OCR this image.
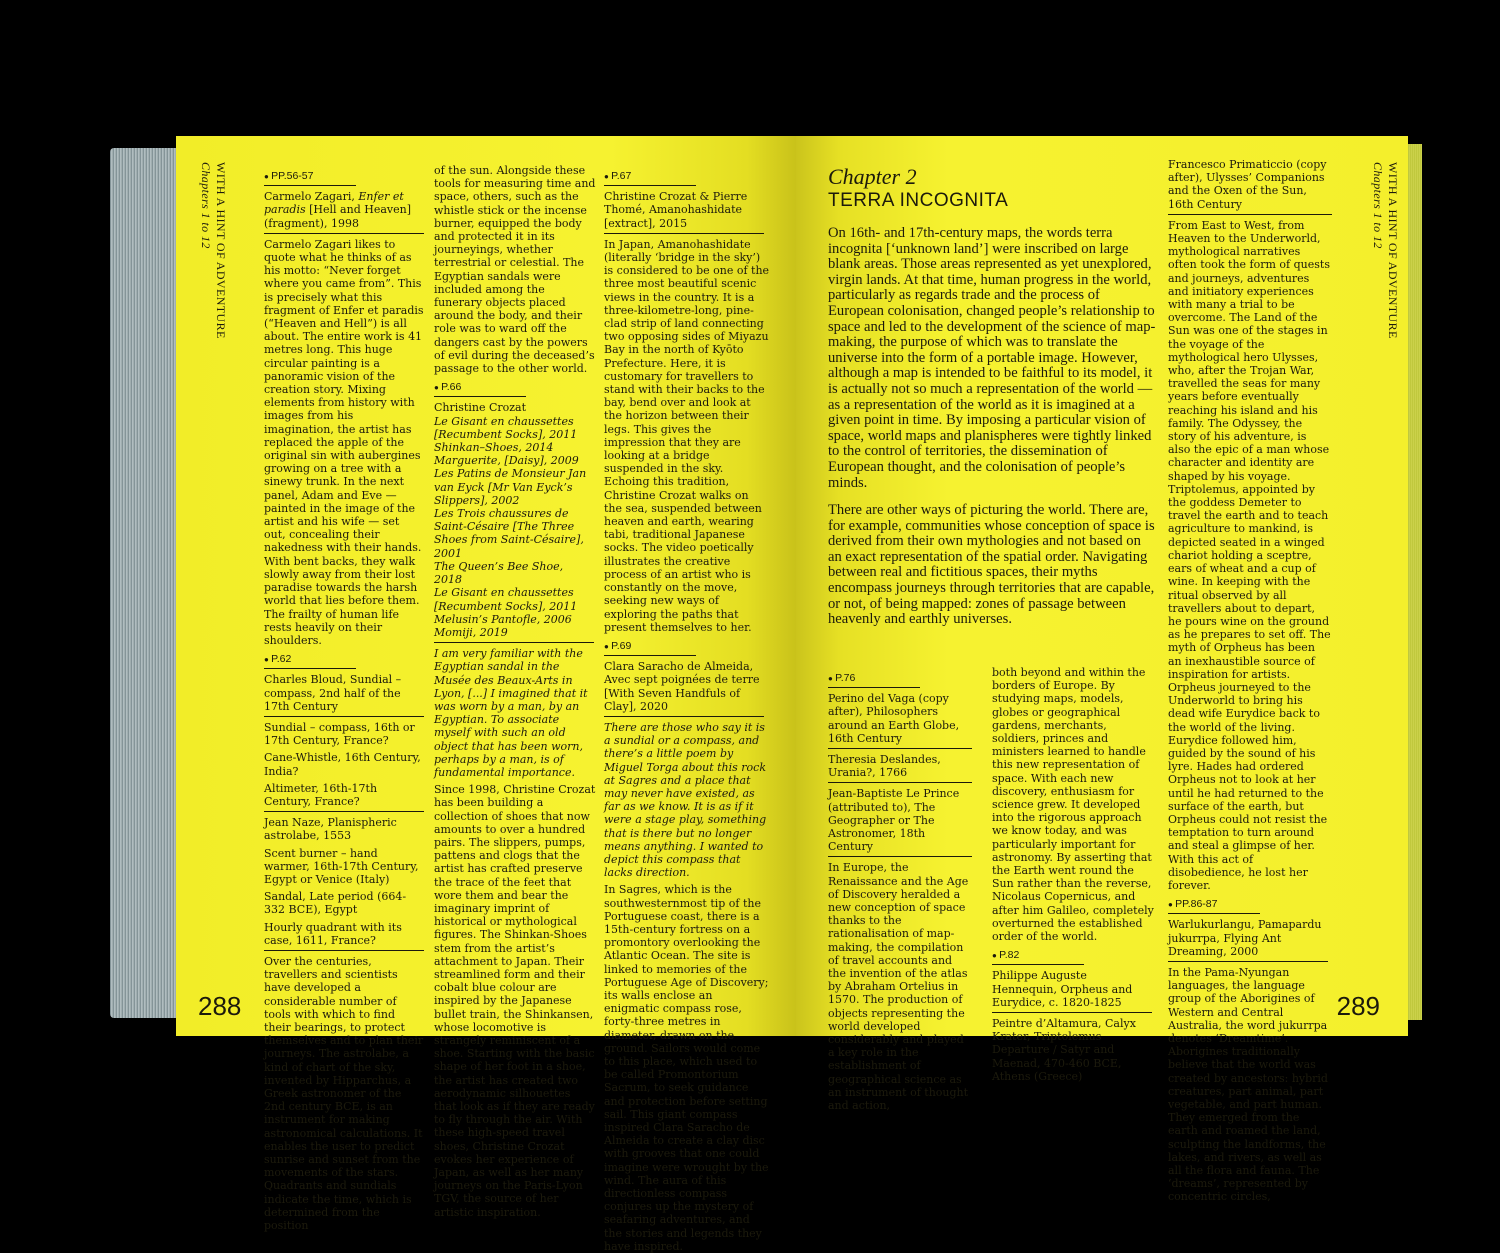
WITH A HINT OF ADVENTURE
Chapters 1 to 12
●	PP.56-57
Carmelo Zagari, Enfer et paradis [Hell and Heaven] (fragment), 1998

Carmelo Zagari likes to quote what he thinks of as his motto: “Never forget where you came from”. This is precisely what this fragment of Enfer et paradis (“Heaven and Hell”) is all about. The entire work is 41 metres long. This huge circular painting is a panoramic vision of the creation story. Mixing elements from history with images from his imagination, the artist has replaced the apple of the original sin with aubergines growing on a tree with a sinewy trunk. In the next panel, Adam and Eve — painted in the image of the artist and his wife — set out, concealing their nakedness with their hands. With bent backs, they walk slowly away from their lost paradise towards the harsh world that lies before them. The frailty of human life rests heavily on their shoulders.

● P.62

Charles Bloud, Sundial – compass, 2nd half of the 17th Century

Sundial – compass, 16th or 17th Century, France?

Cane-Whistle, 16th Century, India?

Altimeter, 16th-17th Century, France?

Jean Naze, Planispheric astrolabe, 1553

Scent burner – hand warmer, 16th-17th Century, Egypt or Venice (Italy)

Sandal, Late period (664-332 BCE), Egypt

Hourly quadrant with its case, 1611, France?

Over the centuries, travellers and scientists have developed a considerable number of tools with which to find their bearings, to protect themselves and to plan their journeys. The astrolabe, a kind of chart of the sky, invented by Hipparchus, a Greek astronomer of the 2nd century BCE, is an instrument for making astronomical calculations. It enables the user to predict sunrise and sunset from the movements of the stars. Quadrants and sundials indicate the time, which is determined from the position

of the sun. Alongside these tools for measuring time and space, others, such as the whistle stick or the incense burner, equipped the body and protected it in its journeyings, whether terrestrial or celestial. The Egyptian sandals were included among the funerary objects placed around the body, and their role was to ward off the dangers cast by the powers of evil during the deceased’s passage to the other world.

● P.66
Christine Crozat
Le Gisant en chaussettes [Recumbent Socks], 2011
Shinkan–Shoes, 2014
Marguerite, [Daisy], 2009
Les Patins de Monsieur Jan van Eyck [Mr Van Eyck’s Slippers], 2002
Les Trois chaussures de Saint-Césaire [The Three Shoes from Saint-Césaire], 2001
The Queen’s Bee Shoe, 2018
Le Gisant en chaussettes [Recumbent Socks], 2011
Melusin’s Pantofle, 2006
Momiji, 2019

I am very familiar with the Egyptian sandal in the Musée des Beaux-Arts in Lyon, [...] I imagined that it was worn by a man, by an Egyptian. To associate myself with such an old object that has been worn, perhaps by a man, is of fundamental importance.

Since 1998, Christine Crozat has been building a collection of shoes that now amounts to over a hundred pairs. The slippers, pumps, pattens and clogs that the artist has crafted preserve the trace of the feet that wore them and bear the imaginary imprint of historical or mythological figures. The Shinkan-Shoes stem from the artist’s attachment to Japan. Their streamlined form and their cobalt blue colour are inspired by the Japanese bullet train, the Shinkansen, whose locomotive is strangely reminiscent of a shoe. Starting with the basic shape of her foot in a shoe, the artist has created two aerodynamic silhouettes that look as if they are ready to fly through the air. With these high-speed travel shoes, Christine Crozat evokes her experience of Japan, as well as her many journeys on the Paris-Lyon TGV, the source of her artistic inspiration.

● P.67

Christine Crozat & Pierre Thomé, Amanohashidate [extract], 2015

In Japan, Amanohashidate (literally ‘bridge in the sky’) is considered to be one of the three most beautiful scenic views in the country. It is a three-kilometre-long, pine-clad strip of land connecting two opposing sides of Miyazu Bay in the north of Kyōto Prefecture. Here, it is customary for travellers to stand with their backs to the bay, bend over and look at the horizon between their legs. This gives the impression that they are looking at a bridge suspended in the sky. Echoing this tradition, Christine Crozat walks on the sea, suspended between heaven and earth, wearing tabi, traditional Japanese socks. The video poetically illustrates the creative process of an artist who is constantly on the move, seeking new ways of exploring the paths that present themselves to her.

● P.69

Clara Saracho de Almeida, Avec sept poignées de terre [With Seven Handfuls of Clay], 2020

There are those who say it is a sundial or a compass, and there’s a little poem by Miguel Torga about this rock at Sagres and a place that may never have existed, as far as we know. It is as if it were a stage play, something that is there but no longer means anything. I wanted to depict this compass that lacks direction.

In Sagres, which is the southwesternmost tip of the Portuguese coast, there is a 15th-century fortress on a promontory overlooking the Atlantic Ocean. The site is linked to memories of the Portuguese Age of Discovery; its walls enclose an enigmatic compass rose, forty-three metres in diameter, drawn on the ground. Sailors would come to this place, which used to be called Promontorium Sacrum, to seek guidance and protection before setting sail. This giant compass inspired Clara Saracho de Almeida to create a clay disc with grooves that one could imagine were wrought by the wind. The aura of this directionless compass conjures up the mystery of seafaring adventures, and the stories and legends they have inspired.

288
Chapter 2
TERRA INCOGNITA

On 16th- and 17th-century maps, the words terra incognita [‘unknown land’] were inscribed on large blank areas. Those areas represented as yet unexplored, virgin lands. At that time, human progress in the world, particularly as regards trade and the process of European colonisation, changed people’s relationship to space and led to the development of the science of map-making, the purpose of which was to translate the universe into the form of a portable image. However, although a map is intended to be faithful to its model, it is actually not so much a representation of the world — as a representation of the world as it is imagined at a given point in time. By imposing a particular vision of space, world maps and planispheres were tightly linked to the control of territories, the dissemination of European thought, and the colonisation of people’s minds.

There are other ways of picturing the world. There are, for example, communities whose conception of space is derived from their own mythologies and not based on an exact representation of the spatial order. Navigating between real and fictitious spaces, their myths encompass journeys through territories that are capable, or not, of being mapped: zones of passage between heavenly and earthly universes.

● P.76

Perino del Vaga (copy after), Philosophers around an Earth Globe, 16th Century

Theresia Deslandes, Urania?, 1766

Jean-Baptiste Le Prince (attributed to), The Geographer or The Astronomer, 18th Century

In Europe, the Renaissance and the Age of Discovery heralded a new conception of space thanks to the rationalisation of map-making, the compilation of travel accounts and the invention of the atlas by Abraham Ortelius in 1570. The production of objects representing the world developed considerably and played a key role in the establishment of geographical science as an instrument of thought and action,

both beyond and within the borders of Europe. By studying maps, models, globes or geographical gardens, merchants, soldiers, princes and ministers learned to handle this new representation of space. With each new discovery, enthusiasm for science grew. It developed into the rigorous approach we know today, and was particularly important for astronomy. By asserting that the Earth went round the Sun rather than the reverse, Nicolaus Copernicus, and after him Galileo, completely overturned the established order of the world.

● P.82

Philippe Auguste Hennequin, Orpheus and Eurydice, c. 1820-1825

Peintre d’Altamura, Calyx Krater, Triptolemus Departure / Satyr and Maenad, 470-460 BCE, Athens (Greece)

Francesco Primaticcio (copy after), Ulysses’ Companions and the Oxen of the Sun, 16th Century

From East to West, from Heaven to the Underworld, mythological narratives often took the form of quests and journeys, adventures and initiatory experiences with many a trial to be overcome. The Land of the Sun was one of the stages in the voyage of the mythological hero Ulysses, who, after the Trojan War, travelled the seas for many years before eventually reaching his island and his family. The Odyssey, the story of his adventure, is also the epic of a man whose character and identity are shaped by his voyage. Triptolemus, appointed by the goddess Demeter to travel the earth and to teach agriculture to mankind, is depicted seated in a winged chariot holding a sceptre, ears of wheat and a cup of wine. In keeping with the ritual observed by all travellers about to depart, he pours wine on the ground as he prepares to set off. The myth of Orpheus has been an inexhaustible source of inspiration for artists. Orpheus journeyed to the Underworld to bring his dead wife Eurydice back to the world of the living. Eurydice followed him, guided by the sound of his lyre. Hades had ordered Orpheus not to look at her until he had returned to the surface of the earth, but Orpheus could not resist the temptation to turn around and steal a glimpse of her. With this act of disobedience, he lost her forever.

● PP.86-87

Warlukurlangu, Pamapardu jukurrpa, Flying Ant Dreaming, 2000

In the Pama-Nyungan languages, the language group of the Aborigines of Western and Central Australia, the word jukurrpa denotes ‘Dreamtime’. Aborigines traditionally believe that the world was created by ancestors: hybrid creatures, part animal, part vegetable, and part human. They emerged from the earth and roamed the land, sculpting the landforms, the lakes, and rivers, as well as all the flora and fauna. The ‘dreams’, represented by concentric circles,

WITH A HINT OF ADVENTURE
Chapters 1 to 12
289
